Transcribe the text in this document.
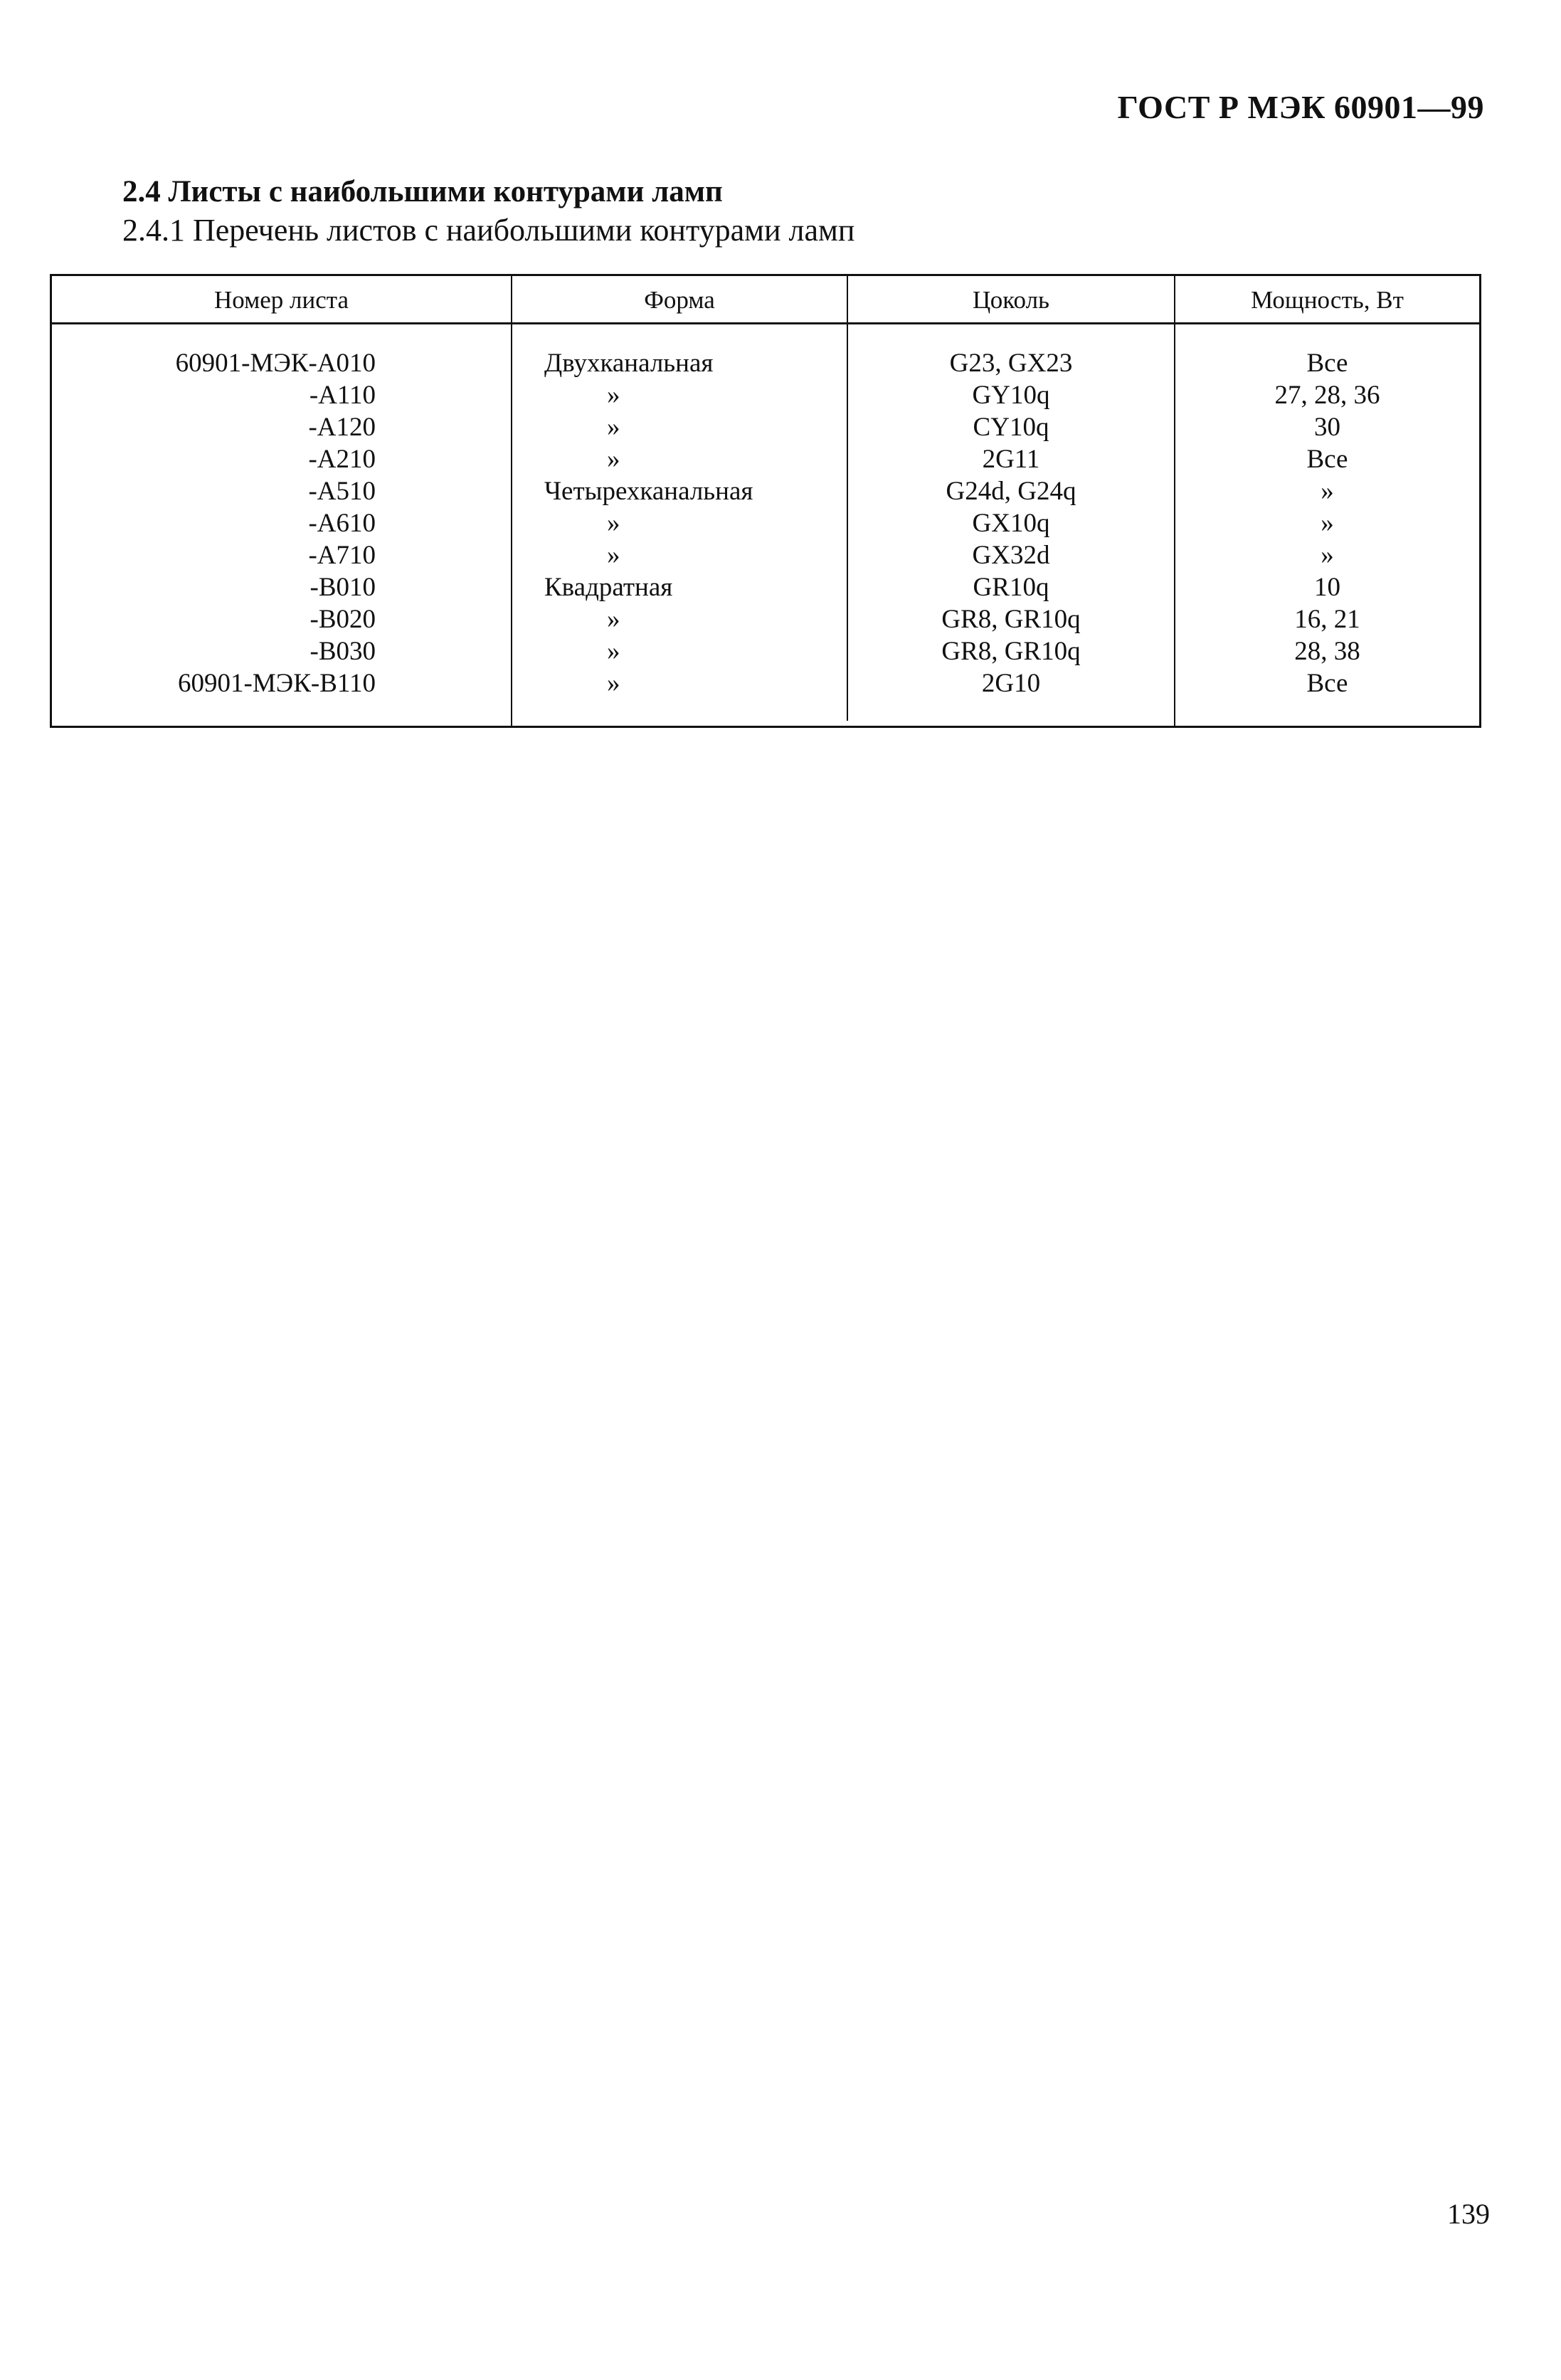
ГОСТ Р МЭК 60901—99
2.4 Листы с наибольшими контурами ламп
2.4.1 Перечень листов с наибольшими контурами ламп
Номер листа	Форма	Цоколь	Мощность, Вт
60901-МЭК-А010	Двухканальная	G23, GX23	Все
-А110	»	GY10q	27, 28, 36
-А120	»	CY10q	30
-А210	»	2G11	Все
-А510	Четырехканальная	G24d, G24q	»
-А610	»	GX10q	»
-А710	»	GX32d	»
-В010	Квадратная	GR10q	10
-В020	»	GR8, GR10q	16, 21
-В030	»	GR8, GR10q	28, 38
60901-МЭК-В110	»	2G10	Все
139
